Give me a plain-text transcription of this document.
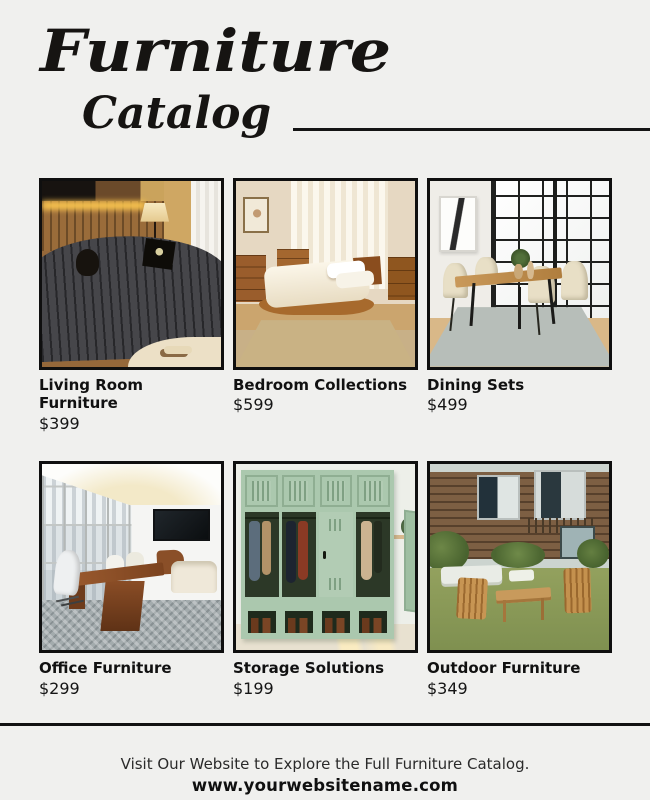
Furniture
Catalog
Living Room Furniture
$399
Bedroom Collections
$599
Dining Sets
$499
Office Furniture
$299
Storage Solutions
$199
Outdoor Furniture
$349
Visit Our Website to Explore the Full Furniture Catalog.
www.yourwebsitename.com
